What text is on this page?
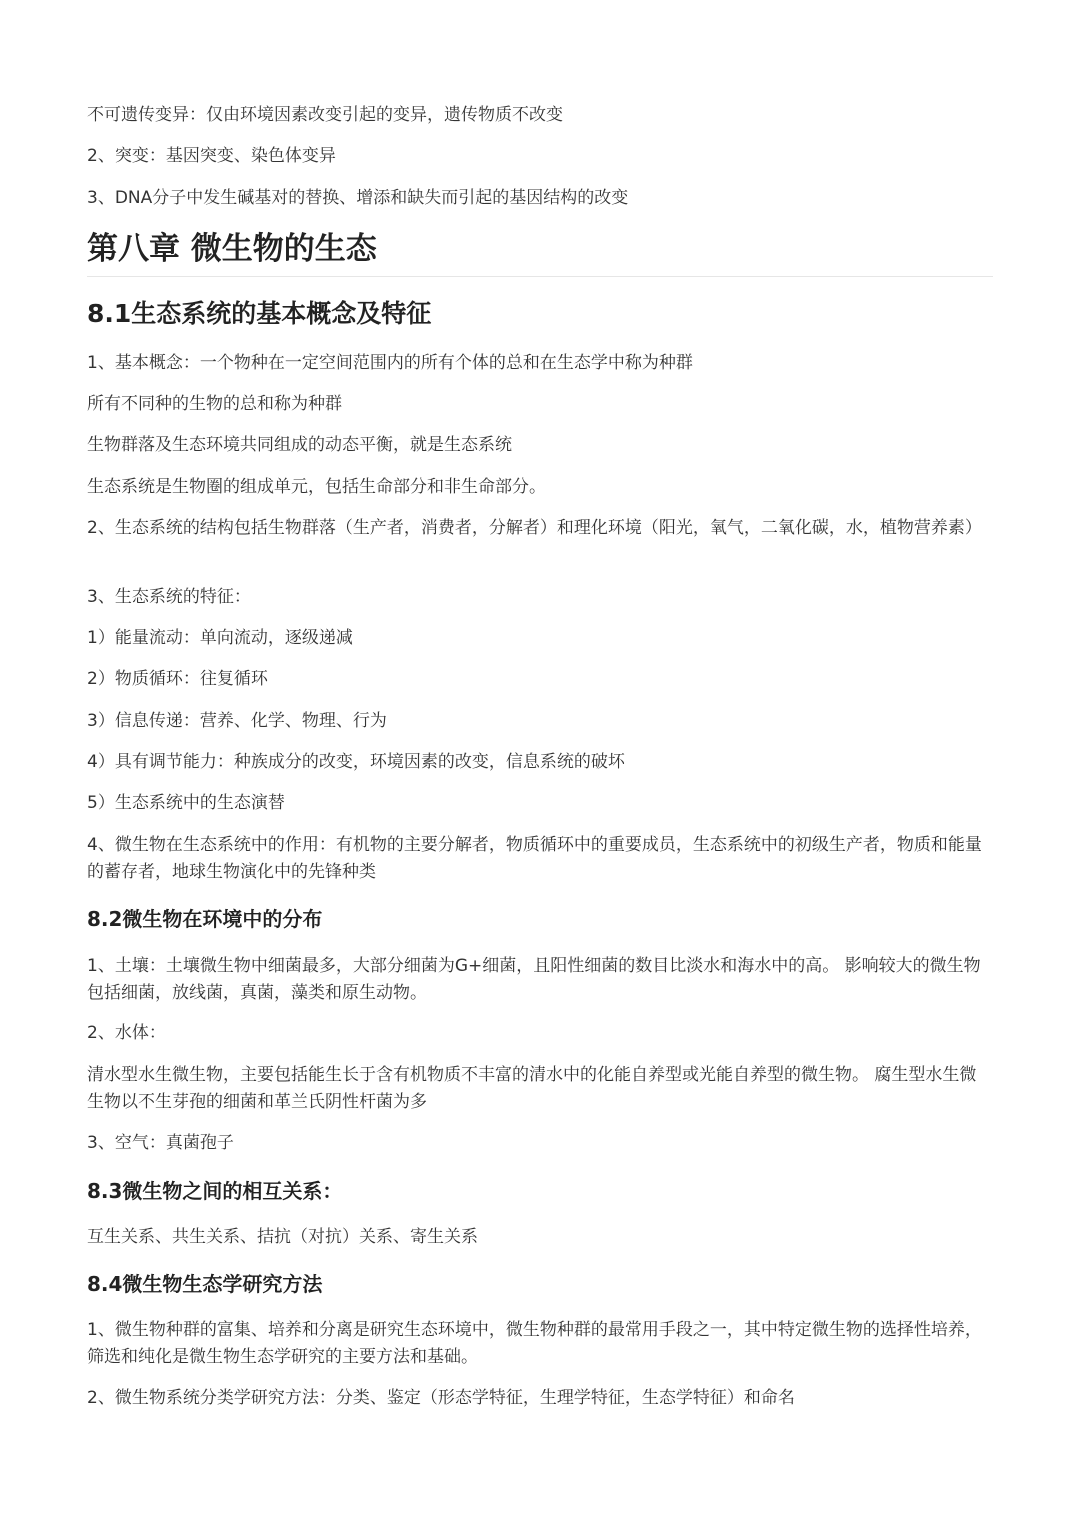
不可遗传变异：仅由环境因素改变引起的变异，遗传物质不改变

2、突变：基因突变、染色体变异

3、DNA分子中发生碱基对的替换、增添和缺失而引起的基因结构的改变

第八章 微生物的生态
8.1生态系统的基本概念及特征

1、基本概念：一个物种在一定空间范围内的所有个体的总和在生态学中称为种群

所有不同种的生物的总和称为种群

生物群落及生态环境共同组成的动态平衡，就是生态系统

生态系统是生物圈的组成单元，包括生命部分和非生命部分。

2、生态系统的结构包括生物群落（生产者，消费者，分解者）和理化环境（阳光，氧气，二氧化碳，水，植物营养素）

3、生态系统的特征：

1）能量流动：单向流动，逐级递减

2）物质循环：往复循环

3）信息传递：营养、化学、物理、行为

4）具有调节能力：种族成分的改变，环境因素的改变，信息系统的破坏

5）生态系统中的生态演替

4、微生物在生态系统中的作用：有机物的主要分解者，物质循环中的重要成员，生态系统中的初级生产者，物质和能量的蓄存者，地球生物演化中的先锋种类

8.2微生物在环境中的分布

1、土壤：土壤微生物中细菌最多，大部分细菌为G+细菌，且阳性细菌的数目比淡水和海水中的高。 影响较大的微生物包括细菌，放线菌，真菌，藻类和原生动物。

2、水体：

清水型水生微生物，主要包括能生长于含有机物质不丰富的清水中的化能自养型或光能自养型的微生物。 腐生型水生微生物以不生芽孢的细菌和革兰氏阴性杆菌为多

3、空气：真菌孢子

8.3微生物之间的相互关系：

互生关系、共生关系、拮抗（对抗）关系、寄生关系

8.4微生物生态学研究方法

1、微生物种群的富集、培养和分离是研究生态环境中，微生物种群的最常用手段之一，其中特定微生物的选择性培养，筛选和纯化是微生物生态学研究的主要方法和基础。

2、微生物系统分类学研究方法：分类、鉴定（形态学特征，生理学特征，生态学特征）和命名
